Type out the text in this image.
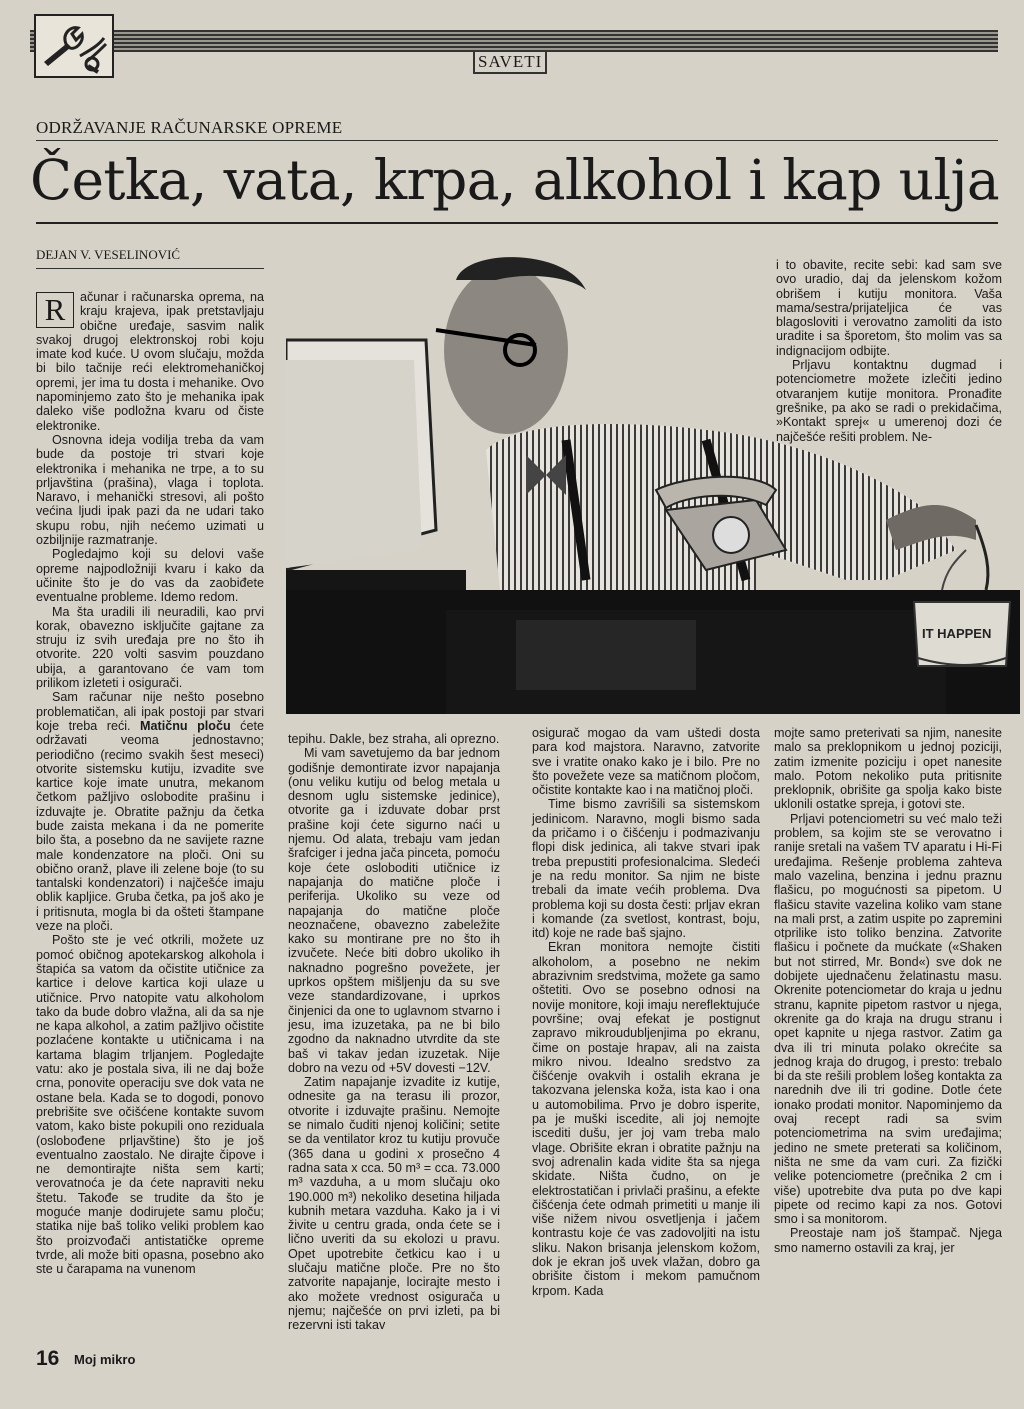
SAVETI
ODRŽAVANJE RAČUNARSKE OPREME
Četka, vata, krpa, alkohol i kap ulja
DEJAN V. VESELINOVIĆ
IT HAPPEN

i to obavite, recite sebi: kad sam sve ovo uradio, daj da jelenskom kožom obrišem i kutiju monitora. Vaša mama/sestra/prijateljica će vas blagosloviti i verovatno zamoliti da isto uradite i sa šporetom, što molim vas sa indignacijom odbijte.

Prljavu kontaktnu dugmad i potenciometre možete izlečiti jedino otvaranjem kutije monitora. Pronađite grešnike, pa ako se radi o prekidačima, »Kontakt sprej« u umerenoj dozi će najčešće rešiti problem. Ne-

R	ačunar i računarska oprema, na kraju krajeva, ipak pretstavljaju obične uređaje, sasvim nalik svakoj drugoj elektronskoj robi koju imate kod kuće. U ovom slučaju, možda bi bilo tačnije reći elektromehaničkoj opremi, jer ima tu dosta i mehanike. Ovo napominjemo zato što je mehanika ipak daleko više podložna kvaru od čiste elektronike.

Osnovna ideja vodilja treba da vam bude da postoje tri stvari koje elektronika i mehanika ne trpe, a to su prljavština (prašina), vlaga i toplota. Naravo, i mehanički stresovi, ali pošto većina ljudi ipak pazi da ne udari tako skupu robu, njih nećemo uzimati u ozbiljnije razmatranje.

Pogledajmo koji su delovi vaše opreme najpodložniji kvaru i kako da učinite što je do vas da zaobiđete eventualne probleme. Idemo redom.

Ma šta uradili ili neuradili, kao prvi korak, obavezno isključite gajtane za struju iz svih uređaja pre no što ih otvorite. 220 volti sasvim pouzdano ubija, a garantovano će vam tom prilikom izleteti i osigurači.

Sam računar nije nešto posebno problematičan, ali ipak postoji par stvari koje treba reći. Matičnu ploču ćete održavati veoma jednostavno; periodično (recimo svakih šest meseci) otvorite sistemsku kutiju, izvadite sve kartice koje imate unutra, mekanom četkom pažljivo oslobodite prašinu i izduvajte je. Obratite pažnju da četka bude zaista mekana i da ne pomerite bilo šta, a posebno da ne savijete razne male kondenzatore na ploči. Oni su obično oranž, plave ili zelene boje (to su tantalski kondenzatori) i najčešće imaju oblik kapljice. Gruba četka, pa još ako je i pritisnuta, mogla bi da ošteti štampane veze na ploči.

Pošto ste je već otkrili, možete uz pomoć običnog apotekarskog alkohola i štapića sa vatom da očistite utičnice za kartice i delove kartica koji ulaze u utičnice. Prvo natopite vatu alkoholom tako da bude dobro vlažna, ali da sa nje ne kapa alkohol, a zatim pažljivo očistite pozlaćene kontakte u utičnicama i na kartama blagim trljanjem. Pogledajte vatu: ako je postala siva, ili ne daj bože crna, ponovite operaciju sve dok vata ne ostane bela. Kada se to dogodi, ponovo prebrišite sve očišćene kontakte suvom vatom, kako biste pokupili ono reziduala (oslobođene prljavštine) što je još eventualno zaostalo. Ne dirajte čipove i ne demontirajte ništa sem karti; verovatnoća je da ćete napraviti neku štetu. Takođe se trudite da što je moguće manje dodirujete samu ploču; statika nije baš toliko veliki problem kao što proizvođači antistatičke opreme tvrde, ali može biti opasna, posebno ako ste u čarapama na vunenom

tepihu. Dakle, bez straha, ali oprezno.

Mi vam savetujemo da bar jednom godišnje demontirate izvor napajanja (onu veliku kutiju od belog metala u desnom uglu sistemske jedinice), otvorite ga i izduvate dobar prst prašine koji ćete sigurno naći u njemu. Od alata, trebaju vam jedan šrafciger i jedna jača pinceta, pomoću koje ćete osloboditi utičnice iz napajanja do matične ploče i periferija. Ukoliko su veze od napajanja do matične ploče neoznačene, obavezno zabeležite kako su montirane pre no što ih izvučete. Neće biti dobro ukoliko ih naknadno pogrešno povežete, jer uprkos opštem mišljenju da su sve veze standardizovane, i uprkos činjenici da one to uglavnom stvarno i jesu, ima izuzetaka, pa ne bi bilo zgodno da naknadno utvrdite da ste baš vi takav jedan izuzetak. Nije dobro na vezu od +5V dovesti −12V.

Zatim napajanje izvadite iz kutije, odnesite ga na terasu ili prozor, otvorite i izduvajte prašinu. Nemojte se nimalo čuditi njenoj količini; setite se da ventilator kroz tu kutiju provuče (365 dana u godini x prosečno 4 radna sata x cca. 50 m³ = cca. 73.000 m³ vazduha, a u mom slučaju oko 190.000 m³) nekoliko desetina hiljada kubnih metara vazduha. Kako ja i vi živite u centru grada, onda ćete se i lično uveriti da su ekolozi u pravu. Opet upotrebite četkicu kao i u slučaju matične ploče. Pre no što zatvorite napajanje, locirajte mesto i ako možete vrednost osigurača u njemu; najčešće on prvi izleti, pa bi rezervni isti takav

osigurač mogao da vam uštedi dosta para kod majstora. Naravno, zatvorite sve i vratite onako kako je i bilo. Pre no što povežete veze sa matičnom pločom, očistite kontakte kao i na matičnoj ploči.

Time bismo zavrišili sa sistemskom jedinicom. Naravno, mogli bismo sada da pričamo i o čišćenju i podmazivanju flopi disk jedinica, ali takve stvari ipak treba prepustiti profesionalcima. Sledeći je na redu monitor. Sa njim ne biste trebali da imate većih problema. Dva problema koji su dosta česti: prljav ekran i komande (za svetlost, kontrast, boju, itd) koje ne rade baš sjajno.

Ekran monitora nemojte čistiti alkoholom, a posebno ne nekim abrazivnim sredstvima, možete ga samo oštetiti. Ovo se posebno odnosi na novije monitore, koji imaju nereflektujuće površine; ovaj efekat je postignut zapravo mikroudubljenjima po ekranu, čime on postaje hrapav, ali na zaista mikro nivou. Idealno sredstvo za čišćenje ovakvih i ostalih ekrana je takozvana jelenska koža, ista kao i ona u automobilima. Prvo je dobro isperite, pa je muški iscedite, ali joj nemojte iscediti dušu, jer joj vam treba malo vlage. Obrišite ekran i obratite pažnju na svoj adrenalin kada vidite šta sa njega skidate. Ništa čudno, on je elektrostatičan i privlači prašinu, a efekte čišćenja ćete odmah primetiti u manje ili više nižem nivou osvetljenja i jačem kontrastu koje će vas zadovoljiti na istu sliku. Nakon brisanja jelenskom kožom, dok je ekran još uvek vlažan, dobro ga obrišite čistom i mekom pamučnom krpom. Kada

mojte samo preterivati sa njim, nanesite malo sa preklopnikom u jednoj poziciji, zatim izmenite poziciju i opet nanesite malo. Potom nekoliko puta pritisnite preklopnik, obrišite ga spolja kako biste uklonili ostatke spreja, i gotovi ste.

Prljavi potenciometri su već malo teži problem, sa kojim ste se verovatno i ranije sretali na vašem TV aparatu i Hi-Fi uređajima. Rešenje problema zahteva malo vazelina, benzina i jednu praznu flašicu, po mogućnosti sa pipetom. U flašicu stavite vazelina koliko vam stane na mali prst, a zatim uspite po zapremini otprilike isto toliko benzina. Zatvorite flašicu i počnete da mućkate («Shaken but not stirred, Mr. Bond«) sve dok ne dobijete ujednačenu želatinastu masu. Okrenite potenciometar do kraja u jednu stranu, kapnite pipetom rastvor u njega, okrenite ga do kraja na drugu stranu i opet kapnite u njega rastvor. Zatim ga dva ili tri minuta polako okrećite sa jednog kraja do drugog, i presto: trebalo bi da ste rešili problem lošeg kontakta za narednih dve ili tri godine. Dotle ćete ionako prodati monitor. Napominjemo da ovaj recept radi sa svim potenciometrima na svim uređajima; jedino ne smete preterati sa količinom, ništa ne sme da vam curi. Za fizički velike potenciometre (prečnika 2 cm i više) upotrebite dva puta po dve kapi pipete od recimo kapi za nos. Gotovi smo i sa monitorom.

Preostaje nam još štampač. Njega smo namerno ostavili za kraj, jer

16 Moj mikro
